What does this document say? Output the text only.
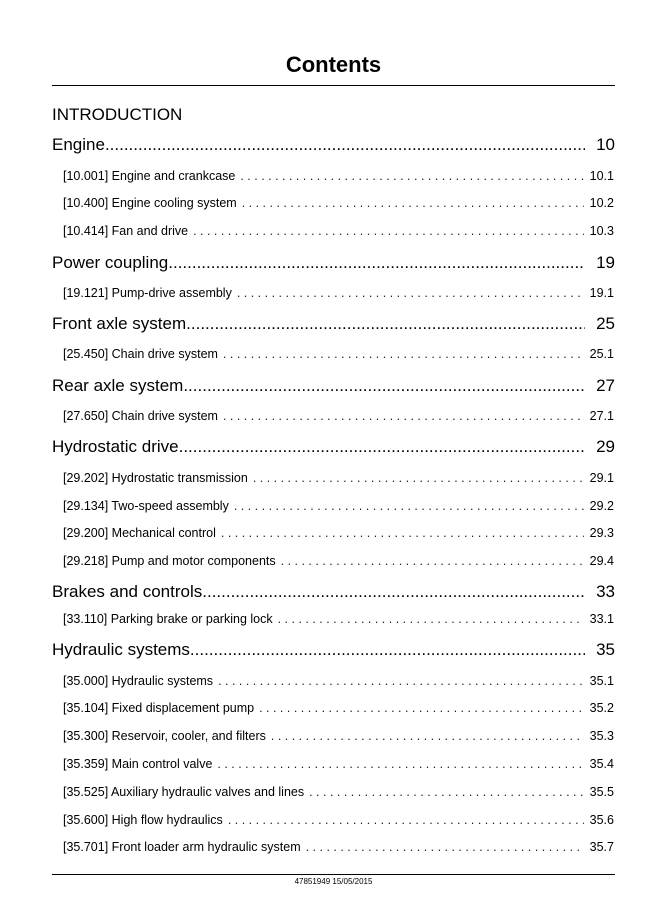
Contents
INTRODUCTION
Engine .....	10
[10.001] Engine and crankcase . . .	10.1
[10.400] Engine cooling system . . .	10.2
[10.414] Fan and drive . . .	10.3
Power coupling .....	19
[19.121] Pump-drive assembly . . .	19.1
Front axle system .....	25
[25.450] Chain drive system . . .	25.1
Rear axle system .....	27
[27.650] Chain drive system . . .	27.1
Hydrostatic drive .....	29
[29.202] Hydrostatic transmission . . .	29.1
[29.134] Two-speed assembly . . .	29.2
[29.200] Mechanical control . . .	29.3
[29.218] Pump and motor components . . .	29.4
Brakes and controls .....	33
[33.110] Parking brake or parking lock . . .	33.1
Hydraulic systems .....	35
[35.000] Hydraulic systems . . .	35.1
[35.104] Fixed displacement pump . . .	35.2
[35.300] Reservoir, cooler, and filters . . .	35.3
[35.359] Main control valve . . .	35.4
[35.525] Auxiliary hydraulic valves and lines . . .	35.5
[35.600] High flow hydraulics . . .	35.6
[35.701] Front loader arm hydraulic system . . .	35.7
47851949 15/05/2015
